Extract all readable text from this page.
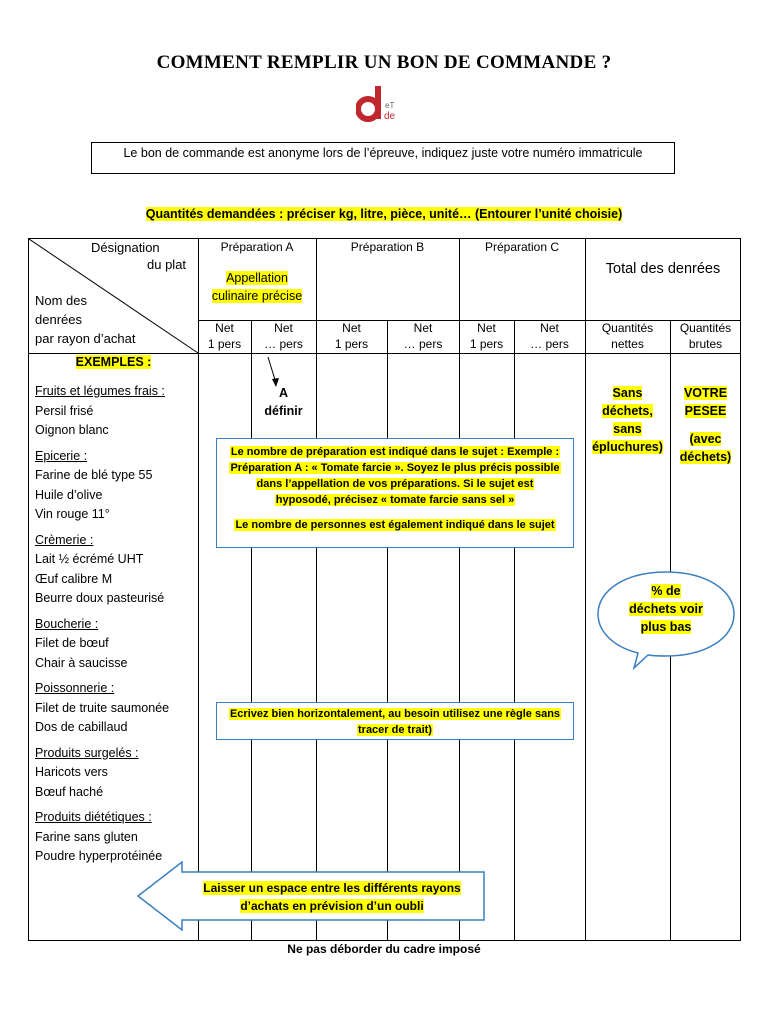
COMMENT REMPLIR UN BON DE COMMANDE ?
eT
de
Le bon de commande est anonyme lors de l’épreuve, indiquez juste votre numéro immatricule
Quantités demandées : préciser kg, litre, pièce, unité… (Entourer l’unité choisie)
Désignation
du plat
Nom des
denrées
par rayon d’achat
Préparation A	Préparation B	Préparation C
Appellation
culinaire précise
Total des denrées
Net
1 pers
Net
… pers
Net
1 pers
Net
… pers
Net
1 pers
Net
… pers
Quantités
nettes
Quantités
brutes
EXEMPLES :
Fruits et légumes frais :
Persil frisé
Oignon blanc
Epicerie :
Farine de blé type 55
Huile d’olive
Vin rouge 11°
Crèmerie :
Lait ½ écrémé UHT
Œuf calibre M
Beurre doux pasteurisé
Boucherie :
Filet de bœuf
Chair à saucisse
Poissonnerie :
Filet de truite saumonée
Dos de cabillaud
Produits surgelés :
Haricots vers
Bœuf haché
Produits diététiques :
Farine sans gluten
Poudre hyperprotéinée
A
définir
Sans
déchets,
sans
épluchures)
VOTRE
PESEE

(avec
déchets)
Le nombre de préparation est indiqué dans le sujet : Exemple :
Préparation A : « Tomate farcie ». Soyez le plus précis possible
dans l’appellation de vos préparations. Si le sujet est
hyposodé, précisez « tomate farcie sans sel »

Le nombre de personnes est également indiqué dans le sujet
% de
déchets voir
plus bas
Ecrivez bien horizontalement, au besoin utilisez une règle sans
tracer de trait)
Laisser un espace entre les différents rayons
d’achats en prévision d’un oubli
Ne pas déborder du cadre imposé
